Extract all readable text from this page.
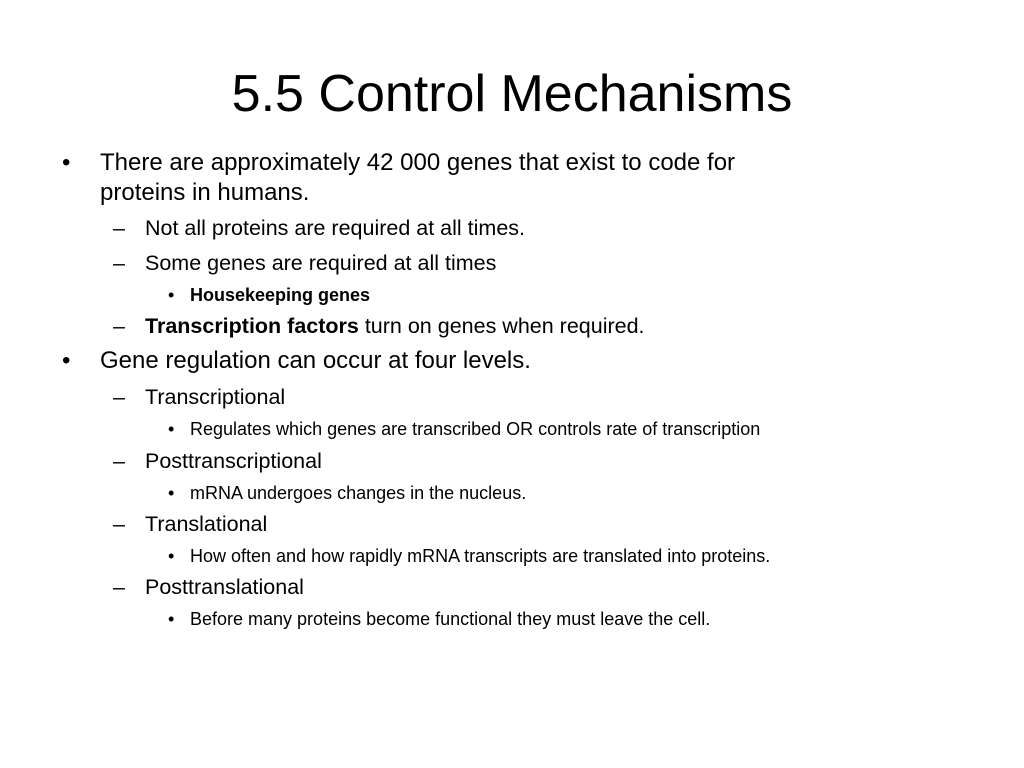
5.5 Control Mechanisms
• There are approximately 42 000 genes that exist to code for
proteins in humans.
– Not all proteins are required at all times.
– Some genes are required at all times
• Housekeeping genes
– Transcription factors turn on genes when required.
• Gene regulation can occur at four levels.
– Transcriptional
• Regulates which genes are transcribed OR controls rate of transcription
– Posttranscriptional
• mRNA undergoes changes in the nucleus.
– Translational
• How often and how rapidly mRNA transcripts are translated into proteins.
– Posttranslational
• Before many proteins become functional they must leave the cell.
